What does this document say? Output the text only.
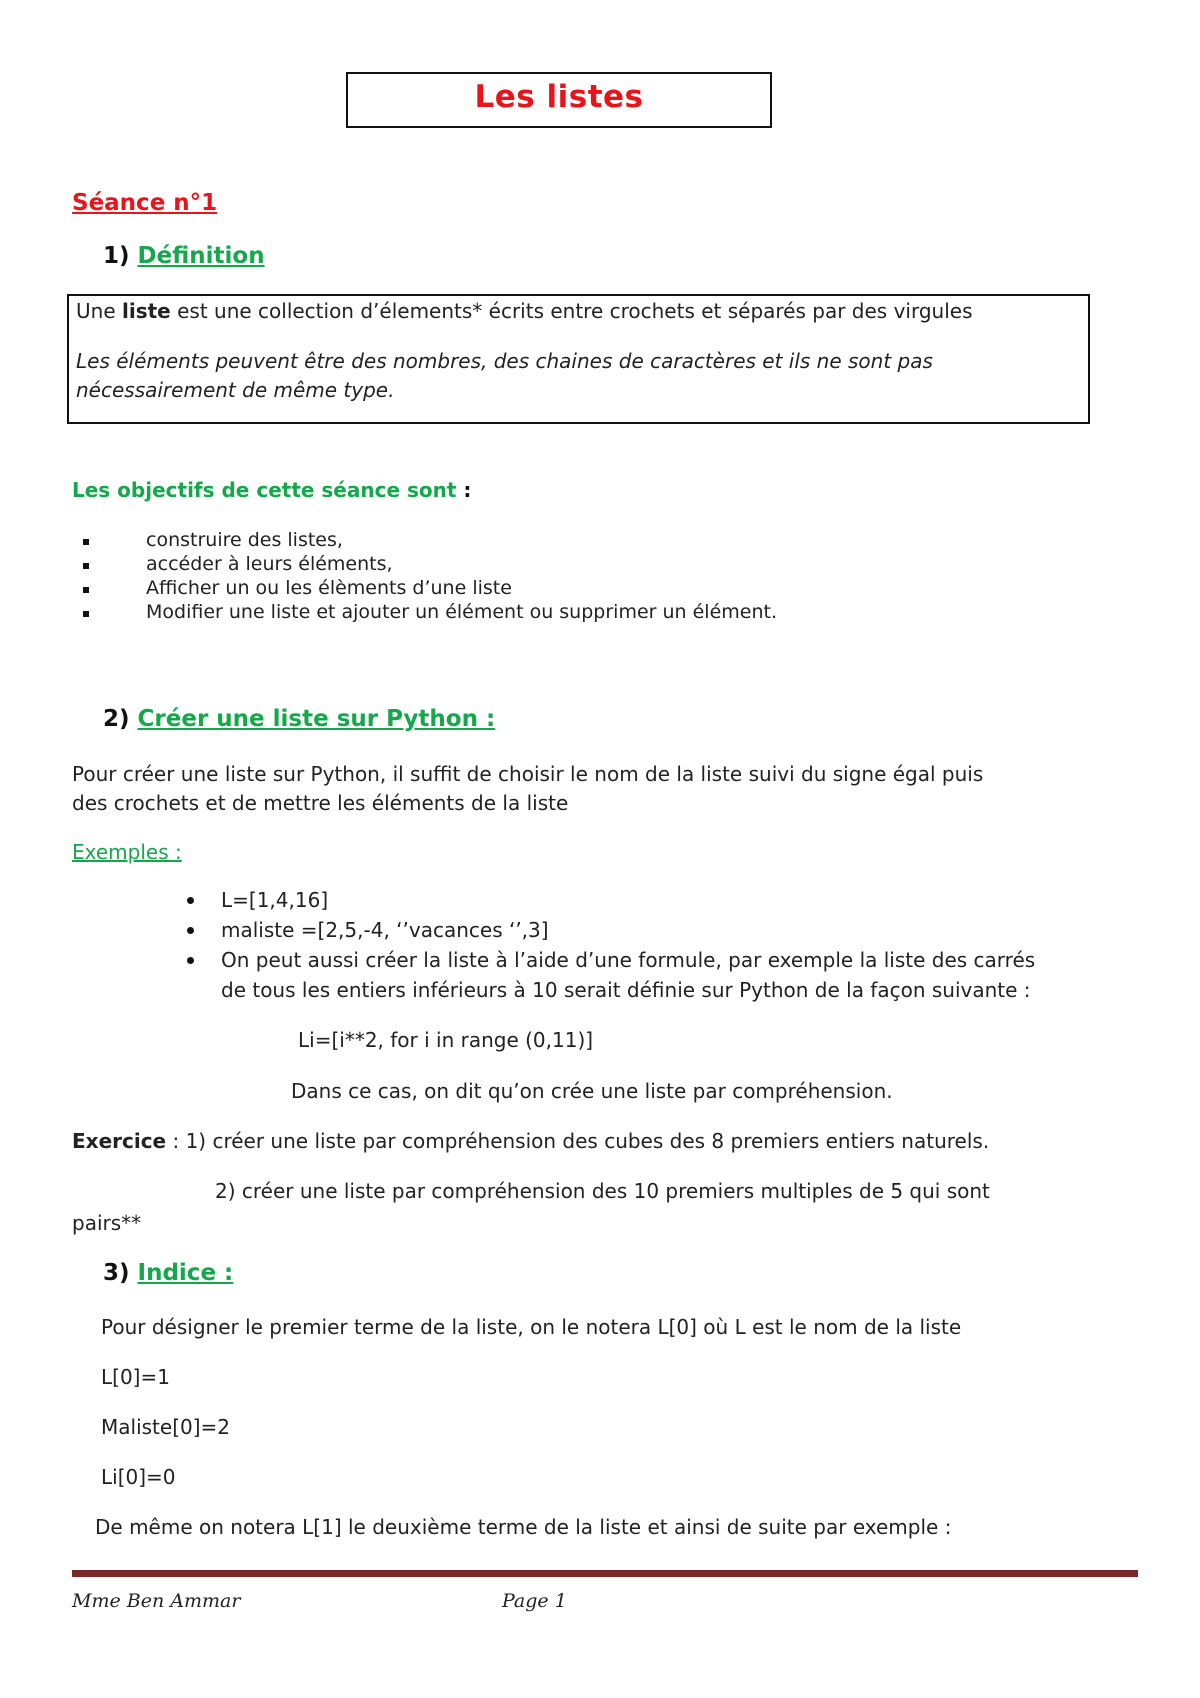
Les listes
Séance n°1
1) Définition
Une liste est une collection d’élements* écrits entre crochets et séparés par des virgules
Les éléments peuvent être des nombres, des chaines de caractères et ils ne sont pas
nécessairement de même type.
Les objectifs de cette séance sont :
construire des listes,
accéder à leurs éléments,
Afficher un ou les élèments d’une liste
Modifier une liste et ajouter un élément ou supprimer un élément.
2) Créer une liste sur Python :
Pour créer une liste sur Python, il suffit de choisir le nom de la liste suivi du signe égal puis
des crochets et de mettre les éléments de la liste
Exemples :
L=[1,4,16]
maliste =[2,5,-4, ‘’vacances ‘’,3]
On peut aussi créer la liste à l’aide d’une formule, par exemple la liste des carrés
de tous les entiers inférieurs à 10 serait définie sur Python de la façon suivante :
Li=[i**2, for i in range (0,11)]
Dans ce cas, on dit qu’on crée une liste par compréhension.
Exercice : 1) créer une liste par compréhension des cubes des 8 premiers entiers naturels.
2) créer une liste par compréhension des 10 premiers multiples de 5 qui sont
pairs**
3) Indice :
Pour désigner le premier terme de la liste, on le notera L[0] où L est le nom de la liste
L[0]=1
Maliste[0]=2
Li[0]=0
De même on notera L[1] le deuxième terme de la liste et ainsi de suite par exemple :
Mme Ben Ammar	Page 1
